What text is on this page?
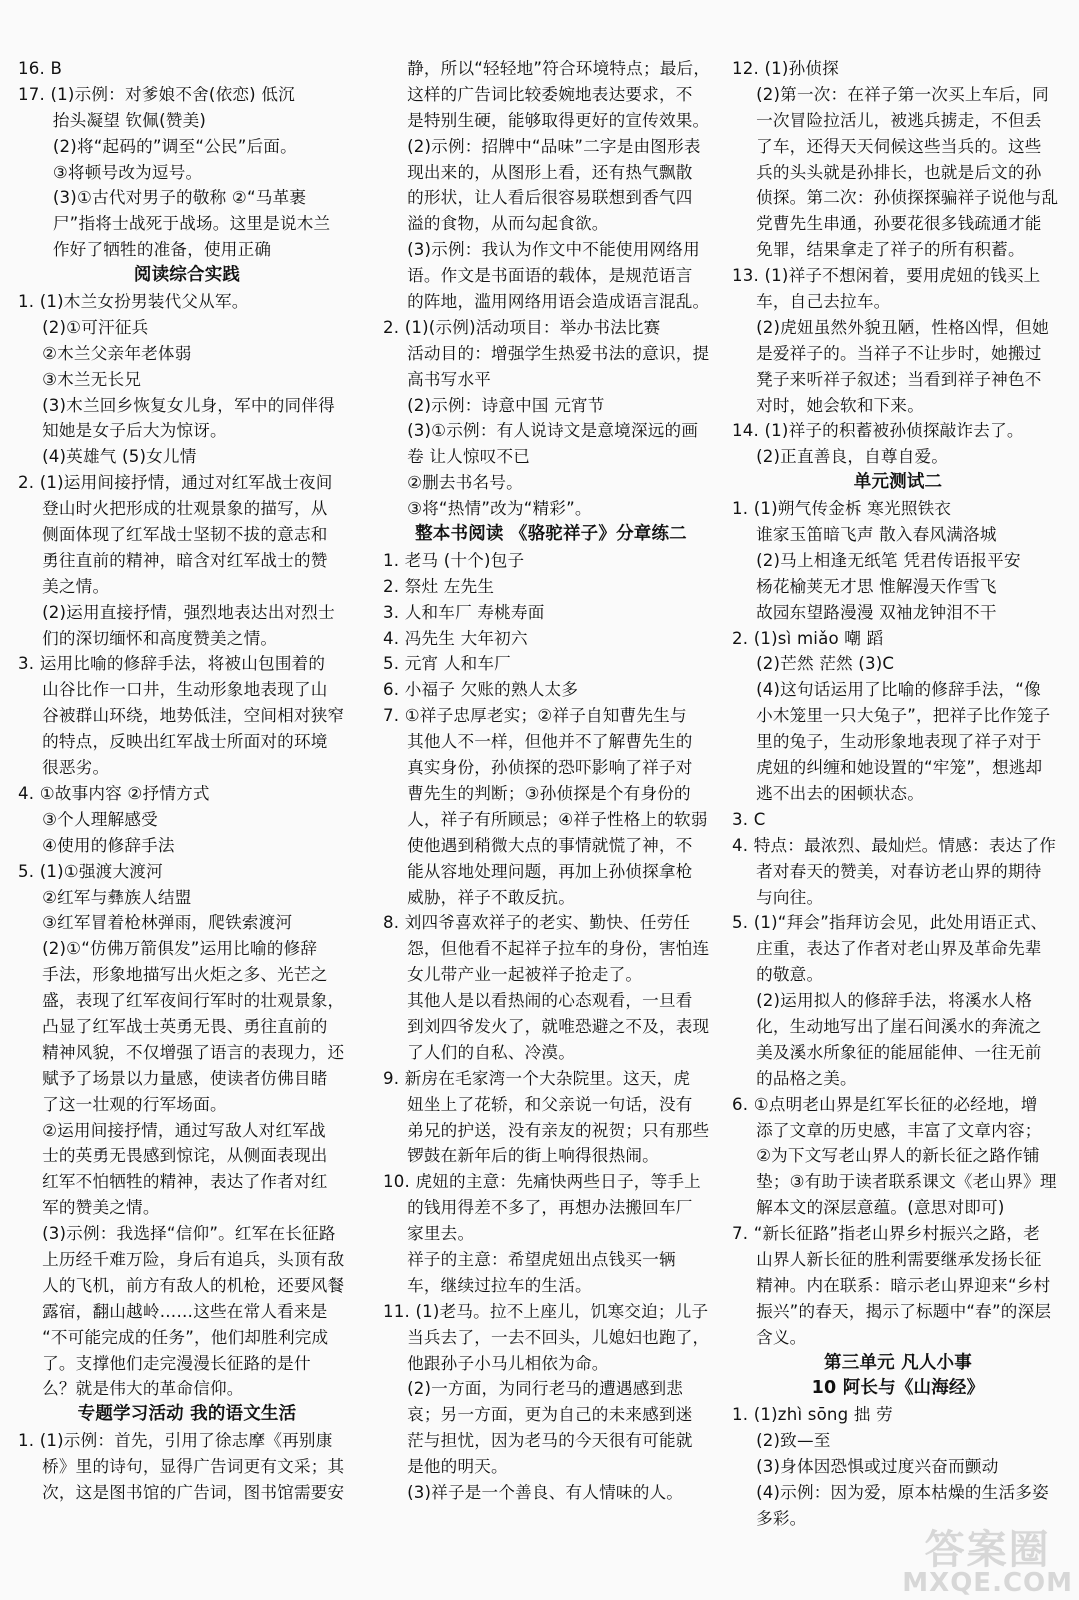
16. B
17. (1)示例：对爹娘不舍(依恋) 低沉
抬头凝望 钦佩(赞美)
(2)将“起码的”调至“公民”后面。
③将顿号改为逗号。
(3)①古代对男子的敬称 ②“马革裹
尸”指将士战死于战场。这里是说木兰
作好了牺牲的准备，使用正确
阅读综合实践
1. (1)木兰女扮男装代父从军。
(2)①可汗征兵
②木兰父亲年老体弱
③木兰无长兄
(3)木兰回乡恢复女儿身，军中的同伴得
知她是女子后大为惊讶。
(4)英雄气 (5)女儿情
2. (1)运用间接抒情，通过对红军战士夜间
登山时火把形成的壮观景象的描写，从
侧面体现了红军战士坚韧不拔的意志和
勇往直前的精神，暗含对红军战士的赞
美之情。
(2)运用直接抒情，强烈地表达出对烈士
们的深切缅怀和高度赞美之情。
3. 运用比喻的修辞手法，将被山包围着的
山谷比作一口井，生动形象地表现了山
谷被群山环绕，地势低洼，空间相对狭窄
的特点，反映出红军战士所面对的环境
很恶劣。
4. ①故事内容 ②抒情方式
③个人理解感受
④使用的修辞手法
5. (1)①强渡大渡河
②红军与彝族人结盟
③红军冒着枪林弹雨，爬铁索渡河
(2)①“仿佛万箭俱发”运用比喻的修辞
手法，形象地描写出火炬之多、光芒之
盛，表现了红军夜间行军时的壮观景象，
凸显了红军战士英勇无畏、勇往直前的
精神风貌，不仅增强了语言的表现力，还
赋予了场景以力量感，使读者仿佛目睹
了这一壮观的行军场面。
②运用间接抒情，通过写敌人对红军战
士的英勇无畏感到惊诧，从侧面表现出
红军不怕牺牲的精神，表达了作者对红
军的赞美之情。
(3)示例：我选择“信仰”。红军在长征路
上历经千难万险，身后有追兵，头顶有敌
人的飞机，前方有敌人的机枪，还要风餐
露宿，翻山越岭……这些在常人看来是
“不可能完成的任务”，他们却胜利完成
了。支撑他们走完漫漫长征路的是什
么？就是伟大的革命信仰。
专题学习活动 我的语文生活
1. (1)示例：首先，引用了徐志摩《再别康
桥》里的诗句，显得广告词更有文采；其
次，这是图书馆的广告词，图书馆需要安
静，所以“轻轻地”符合环境特点；最后，
这样的广告词比较委婉地表达要求，不
是特别生硬，能够取得更好的宣传效果。
(2)示例：招牌中“品味”二字是由图形表
现出来的，从图形上看，还有热气飘散
的形状，让人看后很容易联想到香气四
溢的食物，从而勾起食欲。
(3)示例：我认为作文中不能使用网络用
语。作文是书面语的载体，是规范语言
的阵地，滥用网络用语会造成语言混乱。
2. (1)(示例)活动项目：举办书法比赛
活动目的：增强学生热爱书法的意识，提
高书写水平
(2)示例：诗意中国 元宵节
(3)①示例：有人说诗文是意境深远的画
卷 让人惊叹不已
②删去书名号。
③将“热情”改为“精彩”。
整本书阅读 《骆驼祥子》分章练二
1. 老马 (十个)包子
2. 祭灶 左先生
3. 人和车厂 寿桃寿面
4. 冯先生 大年初六
5. 元宵 人和车厂
6. 小福子 欠账的熟人太多
7. ①祥子忠厚老实；②祥子自知曹先生与
其他人不一样，但他并不了解曹先生的
真实身份，孙侦探的恐吓影响了祥子对
曹先生的判断；③孙侦探是个有身份的
人，祥子有所顾忌；④祥子性格上的软弱
使他遇到稍微大点的事情就慌了神，不
能从容地处理问题，再加上孙侦探拿枪
威胁，祥子不敢反抗。
8. 刘四爷喜欢祥子的老实、勤快、任劳任
怨，但他看不起祥子拉车的身份，害怕连
女儿带产业一起被祥子抢走了。
其他人是以看热闹的心态观看，一旦看
到刘四爷发火了，就唯恐避之不及，表现
了人们的自私、冷漠。
9. 新房在毛家湾一个大杂院里。这天，虎
妞坐上了花轿，和父亲说一句话，没有
弟兄的护送，没有亲友的祝贺；只有那些
锣鼓在新年后的街上响得很热闹。
10. 虎妞的主意：先痛快两些日子，等手上
的钱用得差不多了，再想办法搬回车厂
家里去。
祥子的主意：希望虎妞出点钱买一辆
车，继续过拉车的生活。
11. (1)老马。拉不上座儿，饥寒交迫；儿子
当兵去了，一去不回头，儿媳妇也跑了，
他跟孙子小马儿相依为命。
(2)一方面，为同行老马的遭遇感到悲
哀；另一方面，更为自己的未来感到迷
茫与担忧，因为老马的今天很有可能就
是他的明天。
(3)祥子是一个善良、有人情味的人。
12. (1)孙侦探
(2)第一次：在祥子第一次买上车后，同
一次冒险拉活儿，被逃兵掳走，不但丢
了车，还得天天伺候这些当兵的。这些
兵的头头就是孙排长，也就是后文的孙
侦探。第二次：孙侦探探骗祥子说他与乱
党曹先生串通，孙要花很多钱疏通才能
免罪，结果拿走了祥子的所有积蓄。
13. (1)祥子不想闲着，要用虎妞的钱买上
车，自己去拉车。
(2)虎妞虽然外貌丑陋，性格凶悍，但她
是爱祥子的。当祥子不让步时，她搬过
凳子来听祥子叙述；当看到祥子神色不
对时，她会软和下来。
14. (1)祥子的积蓄被孙侦探敲诈去了。
(2)正直善良，自尊自爱。
单元测试二
1. (1)朔气传金柝 寒光照铁衣
谁家玉笛暗飞声 散入春风满洛城
(2)马上相逢无纸笔 凭君传语报平安
杨花榆荚无才思 惟解漫天作雪飞
故园东望路漫漫 双袖龙钟泪不干
2. (1)sì miǎo 嘲 蹈
(2)芒然 茫然 (3)C
(4)这句话运用了比喻的修辞手法，“像
小木笼里一只大兔子”，把祥子比作笼子
里的兔子，生动形象地表现了祥子对于
虎妞的纠缠和她设置的“牢笼”，想逃却
逃不出去的困顿状态。
3. C
4. 特点：最浓烈、最灿烂。情感：表达了作
者对春天的赞美，对春访老山界的期待
与向往。
5. (1)“拜会”指拜访会见，此处用语正式、
庄重，表达了作者对老山界及革命先辈
的敬意。
(2)运用拟人的修辞手法，将溪水人格
化，生动地写出了崖石间溪水的奔流之
美及溪水所象征的能屈能伸、一往无前
的品格之美。
6. ①点明老山界是红军长征的必经地，增
添了文章的历史感，丰富了文章内容；
②为下文写老山界人的新长征之路作铺
垫；③有助于读者联系课文《老山界》理
解本文的深层意蕴。(意思对即可)
7. “新长征路”指老山界乡村振兴之路，老
山界人新长征的胜利需要继承发扬长征
精神。内在联系：暗示老山界迎来“乡村
振兴”的春天，揭示了标题中“春”的深层
含义。
第三单元 凡人小事
10 阿长与《山海经》
1. (1)zhì sōng 拙 劳
(2)致—至
(3)身体因恐惧或过度兴奋而颤动
(4)示例：因为爱，原本枯燥的生活多姿
多彩。
答案圈
MXQE.COM
